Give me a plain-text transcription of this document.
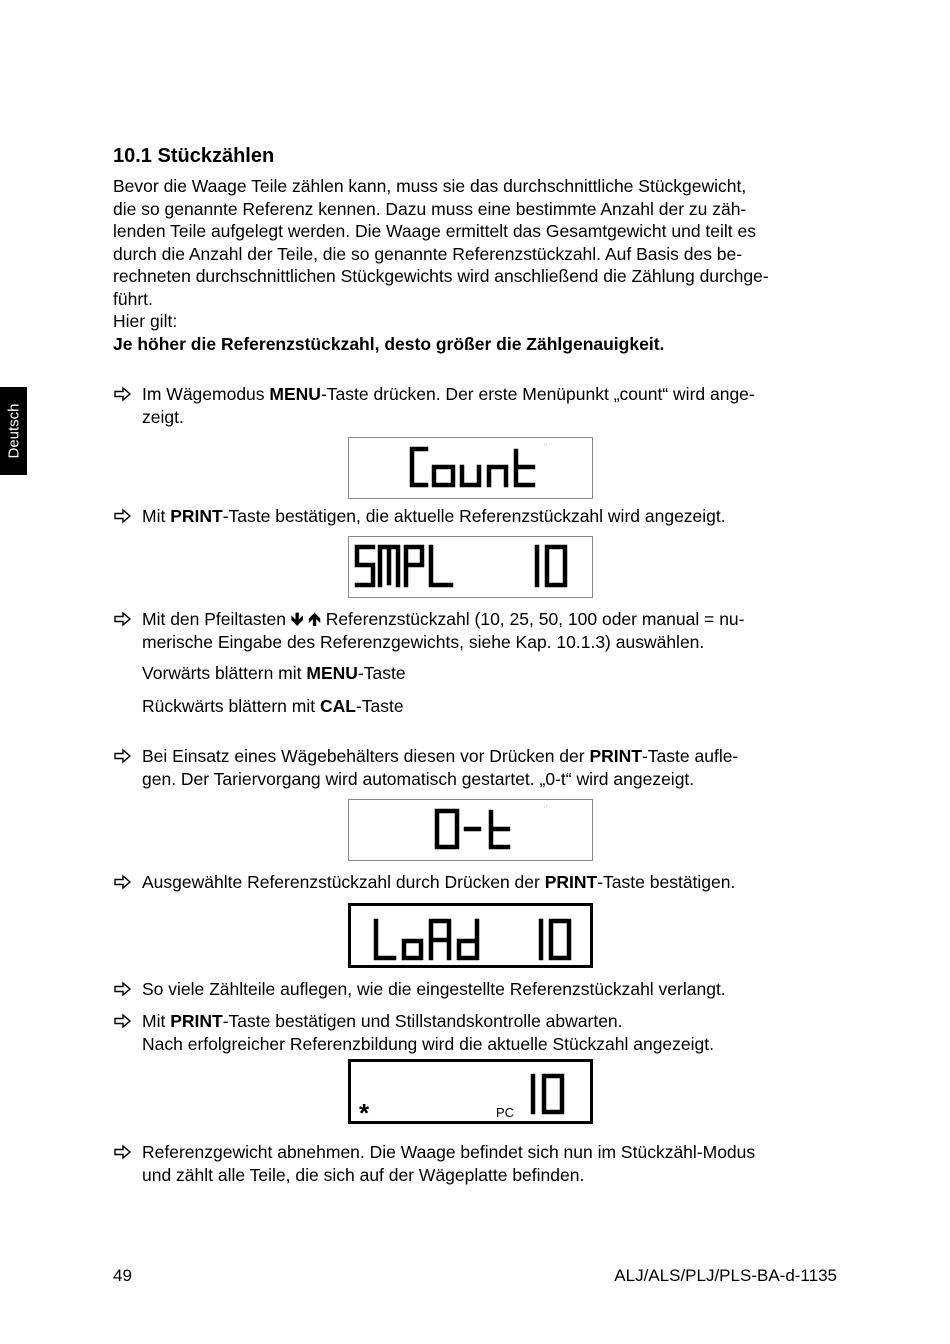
Deutsch
10.1 Stückzählen
Bevor die Waage Teile zählen kann, muss sie das durchschnittliche Stückgewicht,
die so genannte Referenz kennen. Dazu muss eine bestimmte Anzahl der zu zäh-
lenden Teile aufgelegt werden. Die Waage ermittelt das Gesamtgewicht und teilt es
durch die Anzahl der Teile, die so genannte Referenzstückzahl. Auf Basis des be-
rechneten durchschnittlichen Stückgewichts wird anschließend die Zählung durchge-
führt.
Hier gilt:
Je höher die Referenzstückzahl, desto größer die Zählgenauigkeit.
Im Wägemodus MENU-Taste drücken. Der erste Menüpunkt „count“ wird ange-
zeigt.
↓↑
Mit PRINT-Taste bestätigen, die aktuelle Referenzstückzahl wird angezeigt.
Mit den Pfeiltasten 🡻 🡹 Referenzstückzahl (10, 25, 50, 100 oder manual = nu-
merische Eingabe des Referenzgewichts, siehe Kap. 10.1.3) auswählen.
Vorwärts blättern mit MENU-Taste
Rückwärts blättern mit CAL-Taste
Bei Einsatz eines Wägebehälters diesen vor Drücken der PRINT-Taste aufle-
gen. Der Tariervorgang wird automatisch gestartet. „0-t“ wird angezeigt.
↓↑
Ausgewählte Referenzstückzahl durch Drücken der PRINT-Taste bestätigen.
So viele Zählteile auflegen, wie die eingestellte Referenzstückzahl verlangt.
Mit PRINT-Taste bestätigen und Stillstandskontrolle abwarten.
Nach erfolgreicher Referenzbildung wird die aktuelle Stückzahl angezeigt.
*	PC
Referenzgewicht abnehmen. Die Waage befindet sich nun im Stückzähl-Modus
und zählt alle Teile, die sich auf der Wägeplatte befinden.
49	ALJ/ALS/PLJ/PLS-BA-d-1135
